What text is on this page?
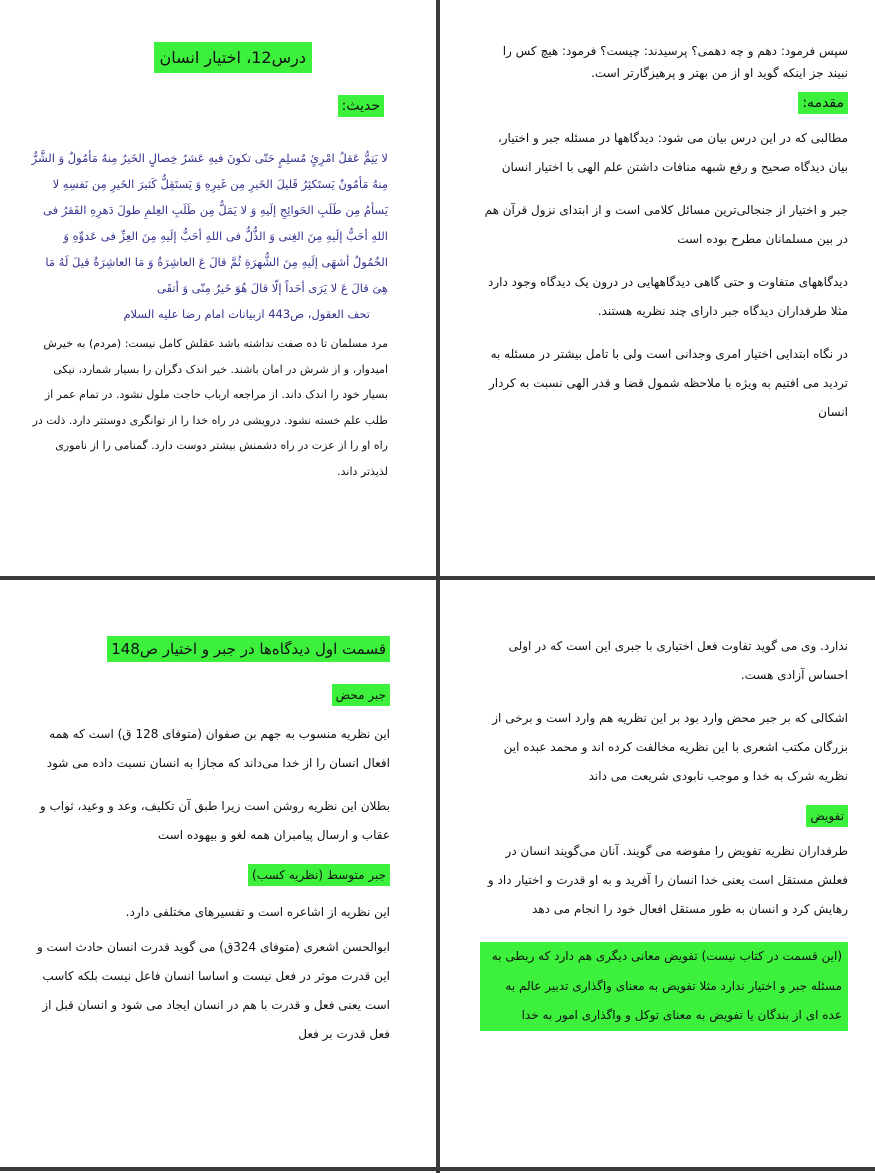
درس12، اختیار انسان
حدیث:

لا یَتِمُّ عَقلُ امْرِئٍ مُسلِمٍ حَتّی تکونَ فیهِ عَشرُ خِصالٍ الخَیرُ مِنهُ مَأمُولٌ وَ الشَّرُّ مِنهُ مَأمُونٌ یَستَکثِرُ قَلیلَ الخَیرِ مِن غَیرِهِ وَ یَستَقِلُّ کَثیرَ الخَیرِ مِن نَفسِهِ لا یَسأمُ مِن طَلَبِ الحَوائِجِ إلَیهِ وَ لا یَمَلُّ مِن طَلَبِ العِلمِ طولَ دَهرِهِ الفَقرُ فی اللهِ أحَبُّ إلَیهِ مِنَ الغِنی وَ الذُّلُّ فی اللهِ أحَبُّ إلَیهِ مِنَ العِزِّ فی عَدوِّهِ وَ الخُمُولُ أشهَی إلَیهِ مِنَ الشُّهرَةِ ثُمَّ قالَ عَ العاشِرَةُ وَ مَا العاشِرَةُ قیلَ لَهُ مَا هِیَ قالَ عَ لا یَرَی أحَداً إلّا قالَ هُوَ خَیرٌ مِنّی وَ أتقَی

تحف العقول، ص443 ازبیانات امام رضا علیه السلام

مرد مسلمان تا ده صفت نداشته باشد عقلش کامل نیست: (مردم) به خیرش امیدوار، و از شرش در امان باشند. خیر اندک دگران را بسیار شمارد، نیکی بسیار خود را اندک داند. از مراجعه ارباب حاجت ملول نشود. در تمام عمر از طلب علم خسته نشود. درویشی در راه خدا را از توانگری دوستتر دارد. ذلت در راه او را از عزت در راه دشمنش بیشتر دوست دارد. گمنامی را از ناموری لذیذتر داند.

سپس فرمود: دهم و چه دهمی؟ پرسیدند: چیست؟ فرمود: هیچ کس را نبیند جز اینکه گوید او از من بهتر و پرهیزگارتر است.

مقدمه:

مطالبی که در این درس بیان می شود: دیدگاهها در مسئله جبر و اختیار، بیان دیدگاه صحیح و رفع شبهه منافات داشتن علم الهی با اختیار انسان

جبر و اختیار از جنجالی‌ترین مسائل کلامی است و از ابتدای نزول قرآن هم در بین مسلمانان مطرح بوده است

دیدگاههای متفاوت و حتی گاهی دیدگاههایی در درون یک دیدگاه وجود دارد مثلا طرفداران دیدگاه جبر دارای چند نظریه هستند.

در نگاه ابتدایی اختیار امری وجدانی است ولی با تامل بیشتر در مسئله به تردید می افتیم به ویژه با ملاحظه شمول قضا و قدر الهی نسبت به کردار انسان

قسمت اول دیدگاه‌ها در جبر و اختیار ص148
جبر محض

این نظریه منسوب به جهم بن صفوان (متوفای 128 ق) است که همه افعال انسان را از خدا می‌داند که مجازا به انسان نسبت داده می شود

بطلان این نظریه روشن است زیرا طبق آن تکلیف، وعد و وعید، ثواب و عقاب و ارسال پیامبران همه لغو و بیهوده است

جبر متوسط (نظریه کسب)

این نظریه از اشاعره است و تفسیرهای مختلفی دارد.

ابوالحسن اشعری (متوفای 324ق) می گوید قدرت انسان حادث است و این قدرت موثر در فعل نیست و اساسا انسان فاعل نیست بلکه کاسب است یعنی فعل و قدرت با هم در انسان ایجاد می شود و انسان قبل از فعل قدرت بر فعل

ندارد. وی می گوید تفاوت فعل اختیاری با جبری این است که در اولی احساس آزادی هست.

اشکالی که بر جبر محض وارد بود بر این نظریه هم وارد است و برخی از بزرگان مکتب اشعری با این نظریه مخالفت کرده اند و محمد عبده این نظریه شرک به خدا و موجب نابودی شریعت می داند

تفویض

طرفداران نظریه تفویض را مفوضه می گویند. آنان می‌گویند انسان در فعلش مستقل است یعنی خدا انسان را آفرید و به او قدرت و اختیار داد و رهایش کرد و انسان به طور مستقل افعال خود را انجام می دهد

(این قسمت در کتاب نیست) تفویض معانی دیگری هم دارد که ربطی به مسئله جبر و اختیار ندارد مثلا تفویض به معنای واگذاری تدبیر عالم به عده ای از بندگان یا تفویض به معنای توکل و واگذاری امور به خدا
